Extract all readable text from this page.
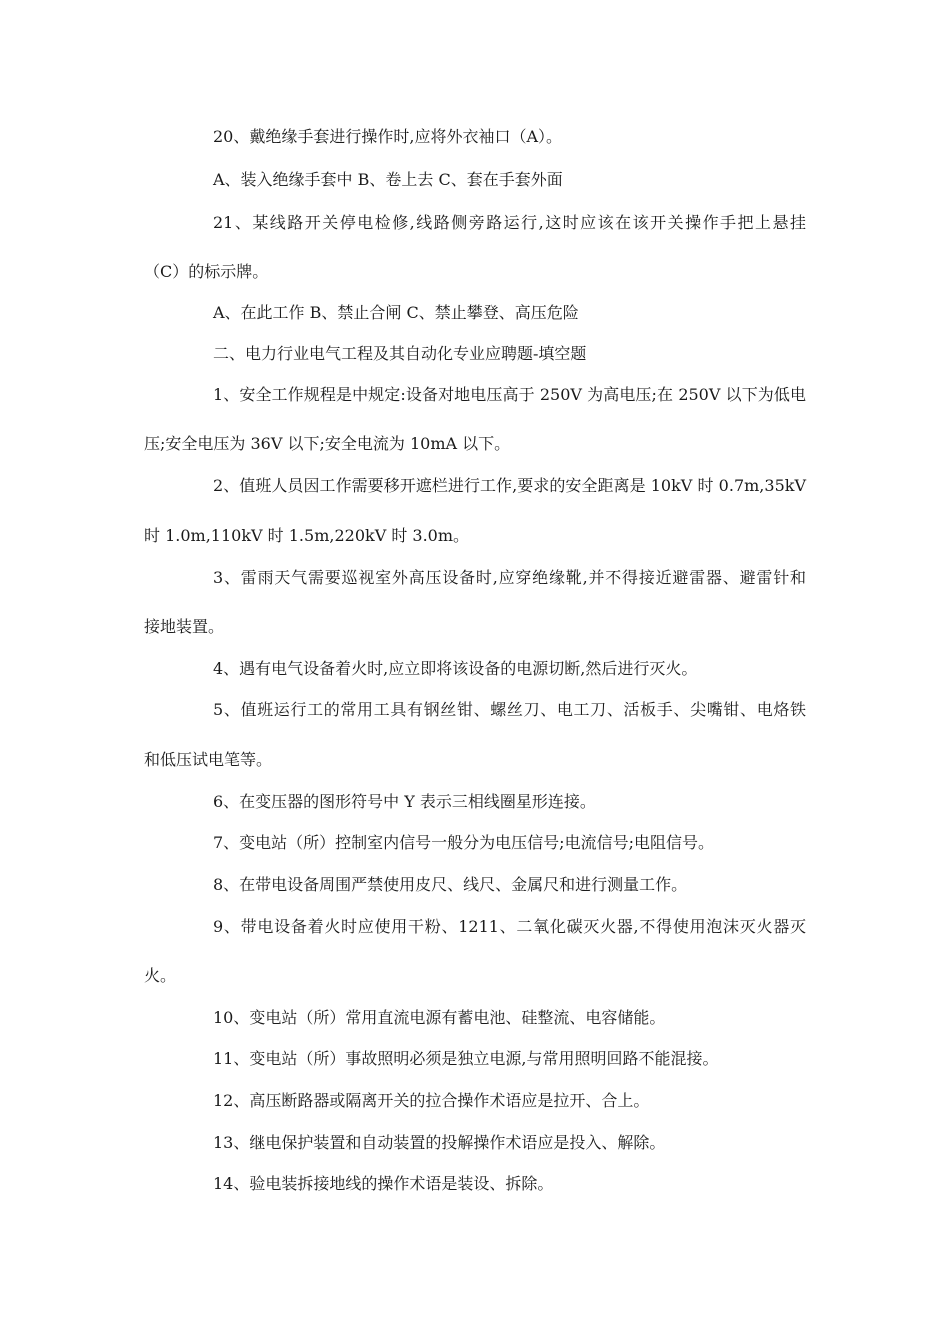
20、戴绝缘手套进行操作时,应将外衣袖口（A）。
A、装入绝缘手套中 B、卷上去 C、套在手套外面
21、某线路开关停电检修,线路侧旁路运行,这时应该在该开关操作手把上悬挂
（C）的标示牌。
A、在此工作 B、禁止合闸 C、禁止攀登、高压危险
二、电力行业电气工程及其自动化专业应聘题-填空题
1、安全工作规程是中规定:设备对地电压高于 250V 为高电压;在 250V 以下为低电
压;安全电压为 36V 以下;安全电流为 10mA 以下。
2、值班人员因工作需要移开遮栏进行工作,要求的安全距离是 10kV 时 0.7m,35kV
时 1.0m,110kV 时 1.5m,220kV 时 3.0m。
3、雷雨天气需要巡视室外高压设备时,应穿绝缘靴,并不得接近避雷器、避雷针和
接地装置。
4、遇有电气设备着火时,应立即将该设备的电源切断,然后进行灭火。
5、值班运行工的常用工具有钢丝钳、螺丝刀、电工刀、活板手、尖嘴钳、电烙铁
和低压试电笔等。
6、在变压器的图形符号中 Y 表示三相线圈星形连接。
7、变电站（所）控制室内信号一般分为电压信号;电流信号;电阻信号。
8、在带电设备周围严禁使用皮尺、线尺、金属尺和进行测量工作。
9、带电设备着火时应使用干粉、1211、二氧化碳灭火器,不得使用泡沫灭火器灭
火。
10、变电站（所）常用直流电源有蓄电池、硅整流、电容储能。
11、变电站（所）事故照明必须是独立电源,与常用照明回路不能混接。
12、高压断路器或隔离开关的拉合操作术语应是拉开、合上。
13、继电保护装置和自动装置的投解操作术语应是投入、解除。
14、验电装拆接地线的操作术语是装设、拆除。
